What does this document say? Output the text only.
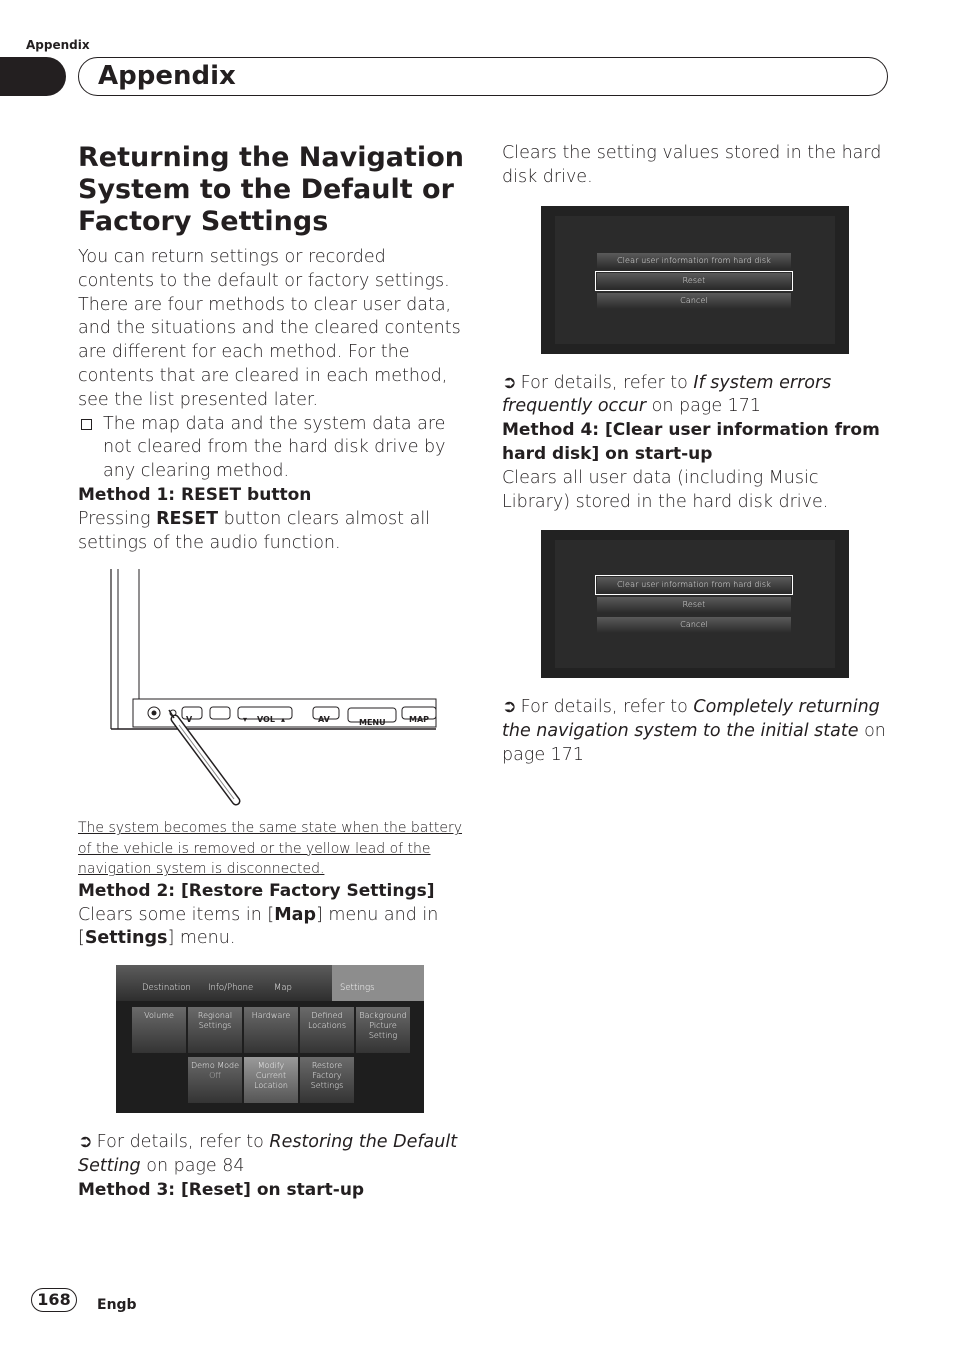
Appendix
Appendix
Returning the Navigation System to the Default or Factory Settings

You can return settings or recorded contents to the default or factory settings. There are four methods to clear user data, and the situations and the cleared contents are different for each method. For the contents that are cleared in each method, see the list presented later.

The map data and the system data are not cleared from the hard disk drive by any clearing method.

Method 1: RESET button

Pressing RESET button clears almost all settings of the audio function.

V	▾ VOL ▴	AV	MENU	MAP

The system becomes the same state when the battery of the vehicle is removed or the yellow lead of the navigation system is disconnected.

Method 2: [Restore Factory Settings]

Clears some items in [Map] menu and in [Settings] menu.

Destination Info/Phone Map	Settings
Volume	Regional Settings
Hardware	Defined Locations
Background Picture Setting
Demo Mode
Off
Modify Current Location
Restore Factory Settings

➲ For details, refer to Restoring the Default Setting on page 84

Method 3: [Reset] on start-up

Clears the setting values stored in the hard disk drive.

Clear user information from hard disk
Reset
Cancel

➲ For details, refer to If system errors frequently occur on page 171

Method 4: [Clear user information from hard disk] on start-up

Clears all user data (including Music Library) stored in the hard disk drive.

Clear user information from hard disk
Reset
Cancel

➲ For details, refer to Completely returning the navigation system to the initial state on page 171

168	Engb
